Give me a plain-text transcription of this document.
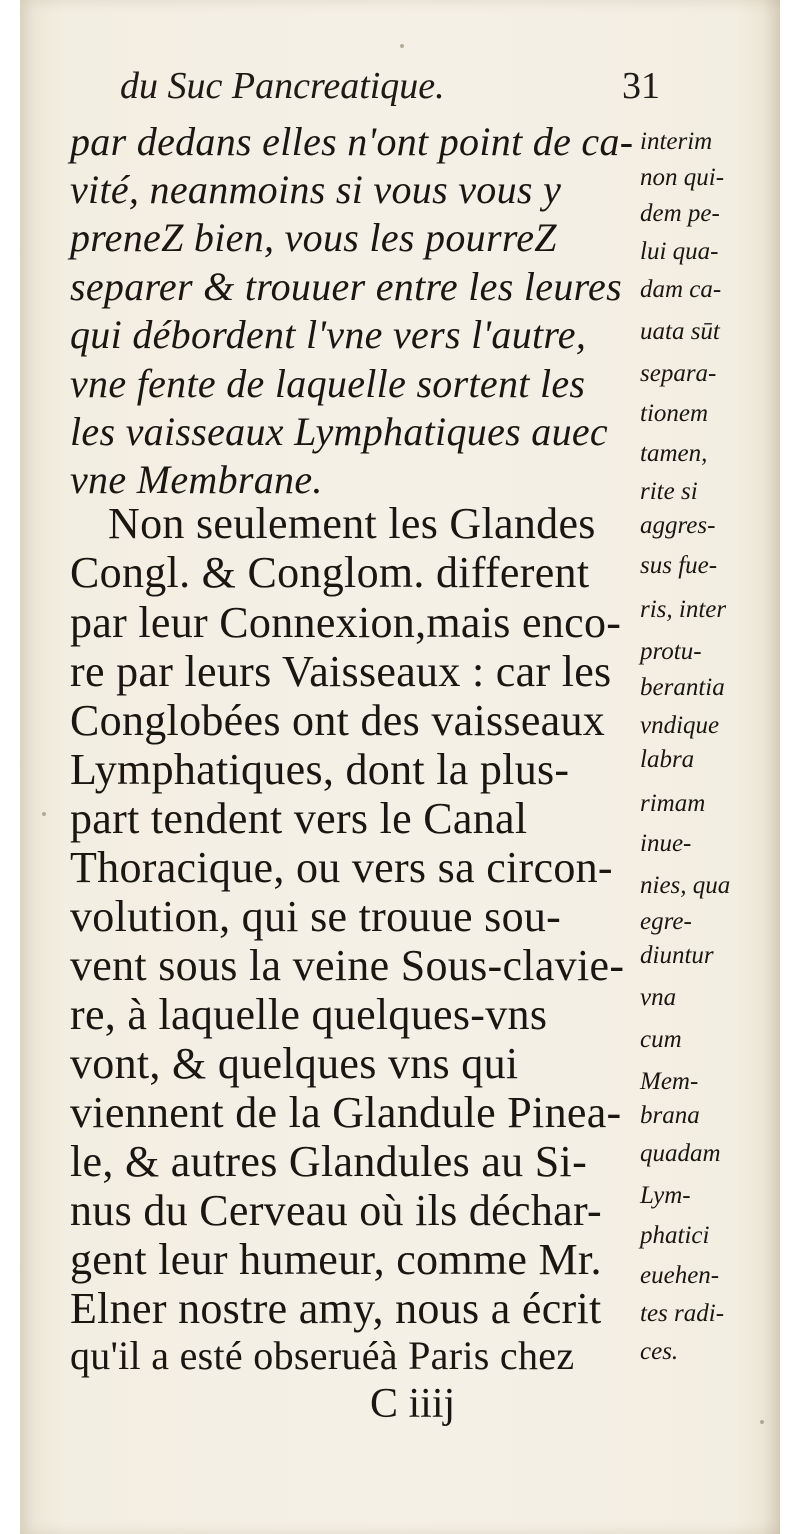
du Suc Pancreatique.	31
par dedans elles n'ont point de ca-
vité, neanmoins si vous vous y
preneZ bien, vous les pourreZ
separer & trouuer entre les leures
qui débordent l'vne vers l'autre,
vne fente de laquelle sortent les
les vaisseaux Lymphatiques auec
vne Membrane.
Non seulement les Glandes
Congl. & Conglom. different
par leur Connexion,mais enco-
re par leurs Vaisseaux : car les
Conglobées ont des vaisseaux
Lymphatiques, dont la plus-
part tendent vers le Canal
Thoracique, ou vers sa circon-
volution, qui se trouue sou-
vent sous la veine Sous-clavie-
re, à laquelle quelques-vns
vont, & quelques vns qui
viennent de la Glandule Pinea-
le, & autres Glandules au Si-
nus du Cerveau où ils déchar-
gent leur humeur, comme Mr.
Elner nostre amy, nous a écrit
qu'il a esté obseruéà Paris chez
C iiij
interim
non qui-
dem pe-
lui qua-
dam ca-
uata sūt
separa-
tionem
tamen,
rite si
aggres-
sus fue-
ris, inter
protu-
berantia
vndique
labra
rimam
inue-
nies, qua
egre-
diuntur
vna
cum
Mem-
brana
quadam
Lym-
phatici
euehen-
tes radi-
ces.
